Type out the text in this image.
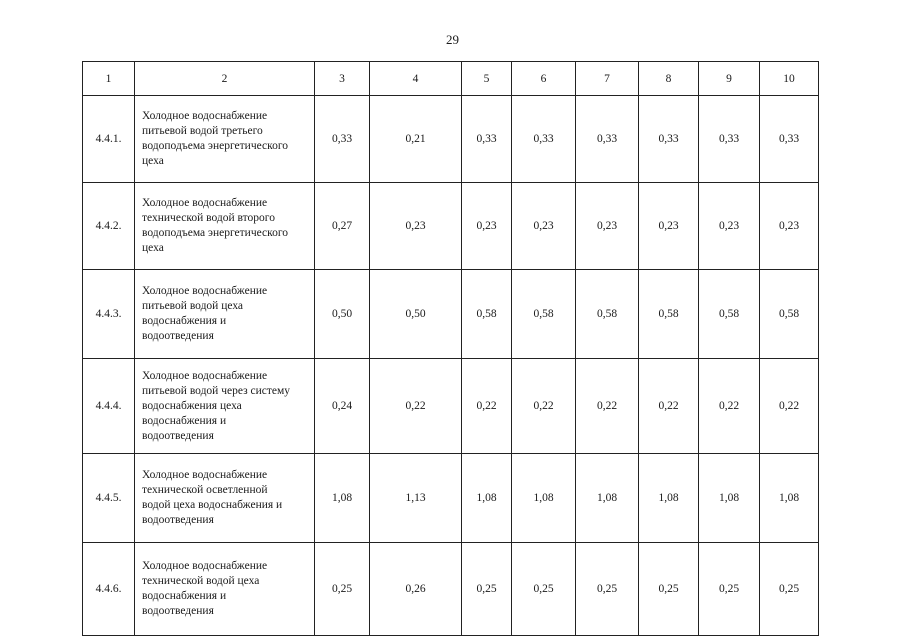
29
1	2	3	4	5	6	7	8	9	10
4.4.1.	Холодное водоснабжение
питьевой водой третьего
водоподъема энергетического
цеха	0,33	0,21	0,33	0,33	0,33	0,33	0,33	0,33
4.4.2.	Холодное водоснабжение
технической водой второго
водоподъема энергетического
цеха	0,27	0,23	0,23	0,23	0,23	0,23	0,23	0,23
4.4.3.	Холодное водоснабжение
питьевой водой цеха
водоснабжения и
водоотведения	0,50	0,50	0,58	0,58	0,58	0,58	0,58	0,58
4.4.4.	Холодное водоснабжение
питьевой водой через систему
водоснабжения цеха
водоснабжения и
водоотведения	0,24	0,22	0,22	0,22	0,22	0,22	0,22	0,22
4.4.5.	Холодное водоснабжение
технической осветленной
водой цеха водоснабжения и
водоотведения	1,08	1,13	1,08	1,08	1,08	1,08	1,08	1,08
4.4.6.	Холодное водоснабжение
технической водой цеха
водоснабжения и
водоотведения	0,25	0,26	0,25	0,25	0,25	0,25	0,25	0,25
